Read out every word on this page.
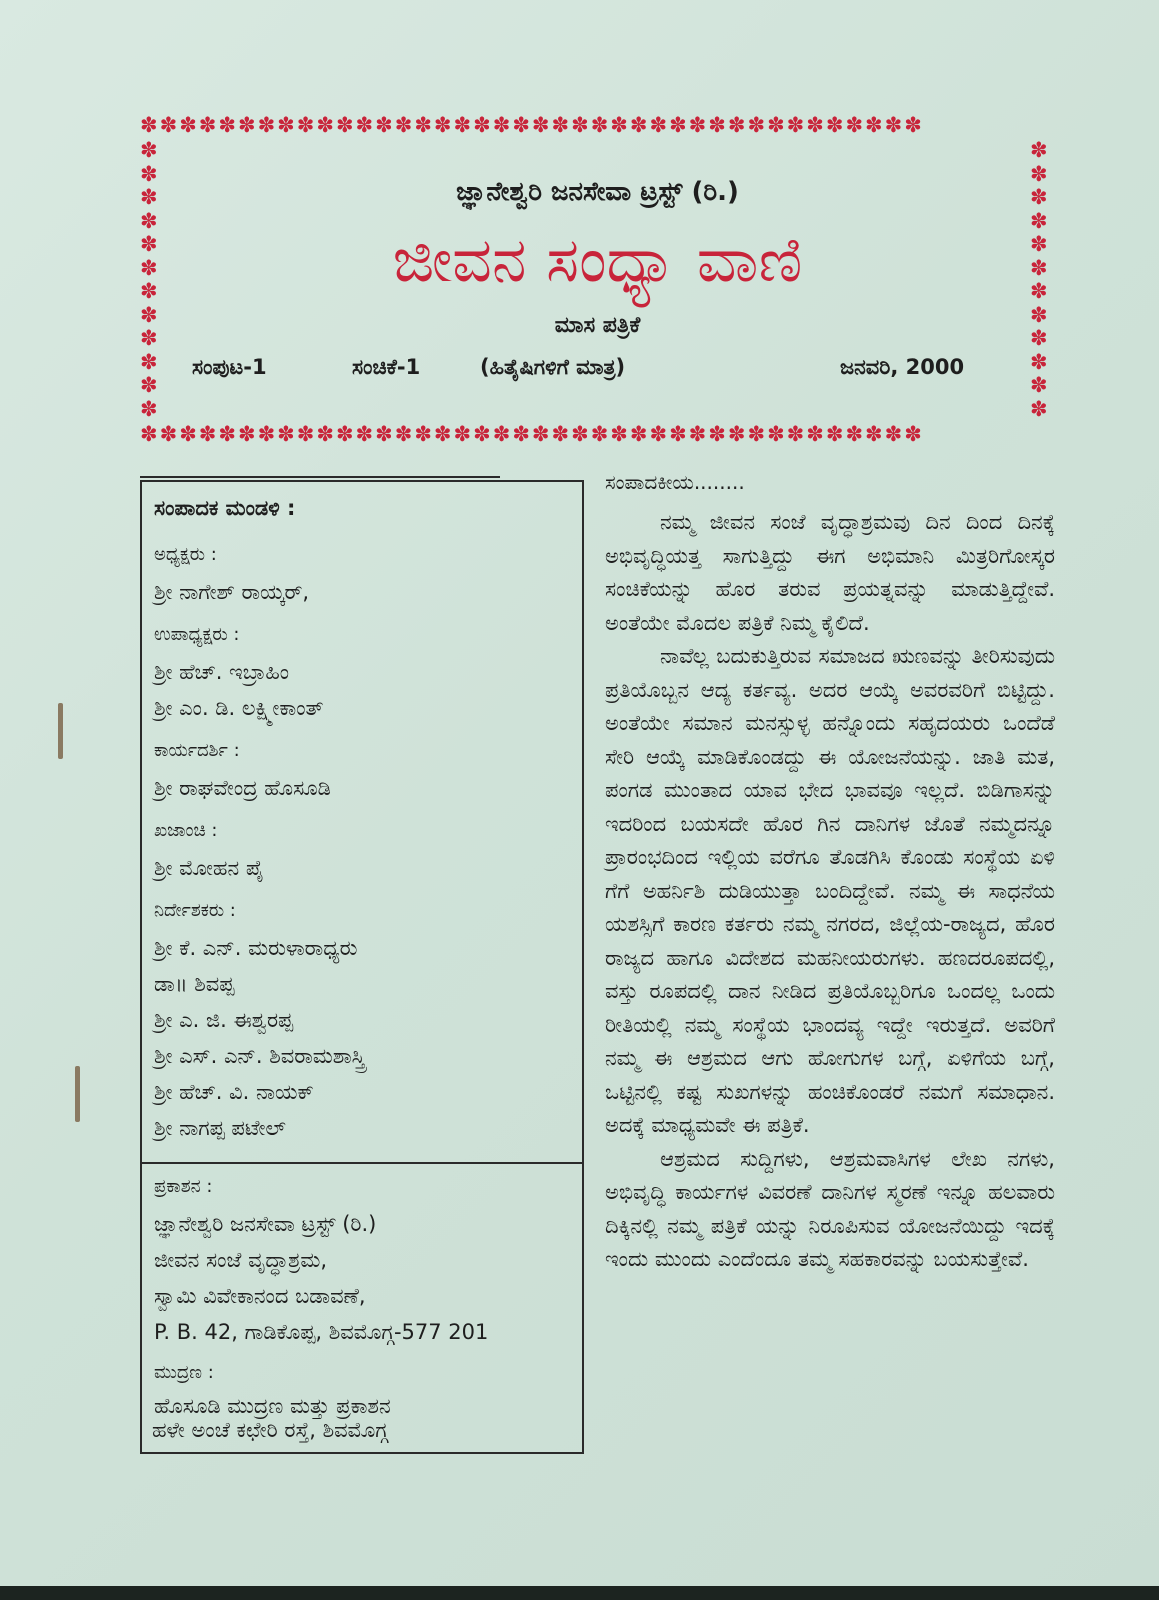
✽✽✽✽✽✽✽✽✽✽✽✽✽✽✽✽✽✽✽✽✽✽✽✽✽✽✽✽✽✽✽✽✽✽✽✽✽✽✽✽
✽ ✽ ✽ ✽ ✽ ✽ ✽ ✽ ✽ ✽ ✽ ✽
✽ ✽ ✽ ✽ ✽ ✽ ✽ ✽ ✽ ✽ ✽ ✽
✽✽✽✽✽✽✽✽✽✽✽✽✽✽✽✽✽✽✽✽✽✽✽✽✽✽✽✽✽✽✽✽✽✽✽✽✽✽✽✽
ಜ್ಞಾನೇಶ್ವರಿ ಜನಸೇವಾ ಟ್ರಸ್ಟ್ (ರಿ.)
ಜೀವನ ಸಂಧ್ಯಾ ವಾಣಿ
ಮಾಸ ಪತ್ರಿಕೆ
ಸಂಪುಟ-1	ಸಂಚಿಕೆ-1	(ಹಿತೈಷಿಗಳಿಗೆ ಮಾತ್ರ)	ಜನವರಿ, 2000
ಸಂಪಾದಕ ಮಂಡಳಿ :
ಅಧ್ಯಕ್ಷರು :
ಶ್ರೀ ನಾಗೇಶ್ ರಾಯ್ಕರ್,
ಉಪಾಧ್ಯಕ್ಷರು :
ಶ್ರೀ ಹೆಚ್. ಇಬ್ರಾಹಿಂ
ಶ್ರೀ ಎಂ. ಡಿ. ಲಕ್ಷ್ಮೀಕಾಂತ್
ಕಾರ್ಯದರ್ಶಿ :
ಶ್ರೀ ರಾಘವೇಂದ್ರ ಹೊಸೂಡಿ
ಖಜಾಂಚಿ :
ಶ್ರೀ ಮೋಹನ ಪೈ
ನಿರ್ದೇಶಕರು :
ಶ್ರೀ ಕೆ. ಎನ್. ಮರುಳಾರಾಧ್ಯರು
ಡಾ॥ ಶಿವಪ್ಪ
ಶ್ರೀ ಎ. ಜಿ. ಈಶ್ವರಪ್ಪ
ಶ್ರೀ ಎಸ್. ಎನ್. ಶಿವರಾಮಶಾಸ್ತ್ರಿ
ಶ್ರೀ ಹೆಚ್. ವಿ. ನಾಯಕ್
ಶ್ರೀ ನಾಗಪ್ಪ ಪಟೇಲ್
ಪ್ರಕಾಶನ :
ಜ್ಞಾನೇಶ್ವರಿ ಜನಸೇವಾ ಟ್ರಸ್ಟ್ (ರಿ.)
ಜೀವನ ಸಂಜೆ ವೃದ್ಧಾಶ್ರಮ,
ಸ್ವಾಮಿ ವಿವೇಕಾನಂದ ಬಡಾವಣೆ,
P. B. 42, ಗಾಡಿಕೊಪ್ಪ, ಶಿವಮೊಗ್ಗ-577 201
ಮುದ್ರಣ :
ಹೊಸೂಡಿ ಮುದ್ರಣ ಮತ್ತು ಪ್ರಕಾಶನ
ಹಳೇ ಅಂಚೆ ಕಛೇರಿ ರಸ್ತೆ, ಶಿವಮೊಗ್ಗ
ಸಂಪಾದಕೀಯ........

ನಮ್ಮ ಜೀವನ ಸಂಜೆ ವೃದ್ಧಾಶ್ರಮವು ದಿನ ದಿಂದ ದಿನಕ್ಕೆ ಅಭಿವೃದ್ಧಿಯತ್ತ ಸಾಗುತ್ತಿದ್ದು ಈಗ ಅಭಿಮಾನಿ ಮಿತ್ರರಿಗೋಸ್ಕರ ಸಂಚಿಕೆಯನ್ನು ಹೊರ ತರುವ ಪ್ರಯತ್ನವನ್ನು ಮಾಡುತ್ತಿದ್ದೇವೆ. ಅಂತೆಯೇ ಮೊದಲ ಪತ್ರಿಕೆ ನಿಮ್ಮ ಕೈಲಿದೆ.

ನಾವೆಲ್ಲ ಬದುಕುತ್ತಿರುವ ಸಮಾಜದ ಋಣವನ್ನು ತೀರಿಸುವುದು ಪ್ರತಿಯೊಬ್ಬನ ಆದ್ಯ ಕರ್ತವ್ಯ. ಅದರ ಆಯ್ಕೆ ಅವರವರಿಗೆ ಬಿಟ್ಟಿದ್ದು. ಅಂತೆಯೇ ಸಮಾನ ಮನಸ್ಸುಳ್ಳ ಹನ್ನೊಂದು ಸಹೃದಯರು ಒಂದೆಡೆ ಸೇರಿ ಆಯ್ಕೆ ಮಾಡಿಕೊಂಡದ್ದು ಈ ಯೋಜನೆಯನ್ನು. ಜಾತಿ ಮತ, ಪಂಗಡ ಮುಂತಾದ ಯಾವ ಭೇದ ಭಾವವೂ ಇಲ್ಲದೆ. ಬಿಡಿಗಾಸನ್ನು ಇದರಿಂದ ಬಯಸದೇ ಹೊರ ಗಿನ ದಾನಿಗಳ ಜೊತೆ ನಮ್ಮದನ್ನೂ ಪ್ರಾರಂಭದಿಂದ ಇಲ್ಲಿಯ ವರೆಗೂ ತೊಡಗಿಸಿ ಕೊಂಡು ಸಂಸ್ಥೆಯ ಏಳಿ ಗೆಗೆ ಅಹರ್ನಿಶಿ ದುಡಿಯುತ್ತಾ ಬಂದಿದ್ದೇವೆ. ನಮ್ಮ ಈ ಸಾಧನೆಯ ಯಶಸ್ಸಿಗೆ ಕಾರಣ ಕರ್ತರು ನಮ್ಮ ನಗರದ, ಜಿಲ್ಲೆಯ-ರಾಜ್ಯದ, ಹೊರ ರಾಜ್ಯದ ಹಾಗೂ ವಿದೇಶದ ಮಹನೀಯರುಗಳು. ಹಣದರೂಪದಲ್ಲಿ, ವಸ್ತು ರೂಪದಲ್ಲಿ ದಾನ ನೀಡಿದ ಪ್ರತಿಯೊಬ್ಬರಿಗೂ ಒಂದಲ್ಲ ಒಂದು ರೀತಿಯಲ್ಲಿ ನಮ್ಮ ಸಂಸ್ಥೆಯ ಭಾಂದವ್ಯ ಇದ್ದೇ ಇರುತ್ತದೆ. ಅವರಿಗೆ ನಮ್ಮ ಈ ಆಶ್ರಮದ ಆಗು ಹೋಗುಗಳ ಬಗ್ಗೆ, ಏಳಿಗೆಯ ಬಗ್ಗೆ, ಒಟ್ಟಿನಲ್ಲಿ ಕಷ್ಟ ಸುಖಗಳನ್ನು ಹಂಚಿಕೊಂಡರೆ ನಮಗೆ ಸಮಾಧಾನ. ಅದಕ್ಕೆ ಮಾಧ್ಯಮವೇ ಈ ಪತ್ರಿಕೆ.

ಆಶ್ರಮದ ಸುದ್ದಿಗಳು, ಆಶ್ರಮವಾಸಿಗಳ ಲೇಖ ನಗಳು, ಅಭಿವೃದ್ಧಿ ಕಾರ್ಯಗಳ ವಿವರಣೆ ದಾನಿಗಳ ಸ್ಮರಣೆ ಇನ್ನೂ ಹಲವಾರು ದಿಕ್ಕಿನಲ್ಲಿ ನಮ್ಮ ಪತ್ರಿಕೆ ಯನ್ನು ನಿರೂಪಿಸುವ ಯೋಜನೆಯಿದ್ದು ಇದಕ್ಕೆ ಇಂದು ಮುಂದು ಎಂದೆಂದೂ ತಮ್ಮ ಸಹಕಾರವನ್ನು ಬಯಸುತ್ತೇವೆ.
